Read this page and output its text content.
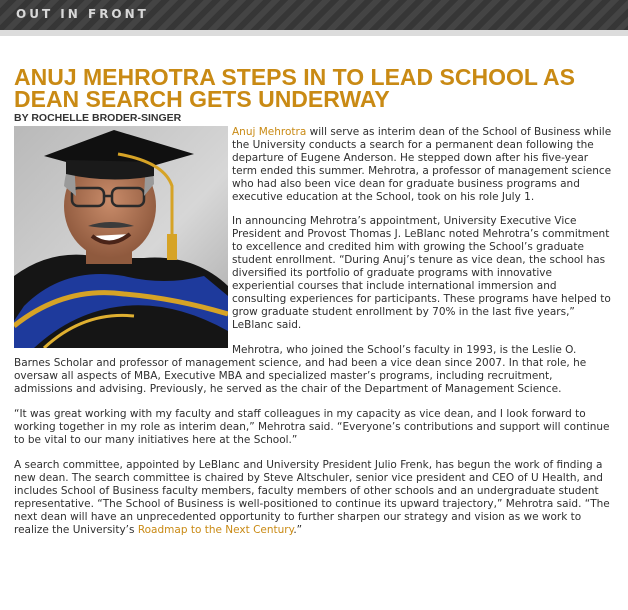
OUT IN FRONT
ANUJ MEHROTRA STEPS IN TO LEAD SCHOOL AS DEAN SEARCH GETS UNDERWAY
BY ROCHELLE BRODER-SINGER

Anuj Mehrotra will serve as interim dean of the School of Business while the University conducts a search for a permanent dean following the departure of Eugene Anderson. He stepped down after his five-year term ended this summer. Mehrotra, a professor of management science who had also been vice dean for graduate business programs and executive education at the School, took on his role July 1.

In announcing Mehrotra’s appointment, University Executive Vice President and Provost Thomas J. LeBlanc noted Mehrotra’s commitment to excellence and credited him with growing the School’s graduate student enrollment. “During Anuj’s tenure as vice dean, the school has diversified its portfolio of graduate programs with innovative experiential courses that include international immersion and consulting experiences for participants. These programs have helped to grow graduate student enrollment by 70% in the last five years,” LeBlanc said.

Mehrotra, who joined the School’s faculty in 1993, is the Leslie O. Barnes Scholar and professor of management science, and had been a vice dean since 2007. In that role, he oversaw all aspects of MBA, Executive MBA and specialized master’s programs, including recruitment, admissions and advising. Previously, he served as the chair of the Department of Management Science.

“It was great working with my faculty and staff colleagues in my capacity as vice dean, and I look forward to working together in my role as interim dean,” Mehrotra said. “Everyone’s contributions and support will continue to be vital to our many initiatives here at the School.”

A search committee, appointed by LeBlanc and University President Julio Frenk, has begun the work of finding a new dean. The search committee is chaired by Steve Altschuler, senior vice president and CEO of U Health, and includes School of Business faculty members, faculty members of other schools and an undergraduate student representative. “The School of Business is well-positioned to continue its upward trajectory,” Mehrotra said. “The next dean will have an unprecedented opportunity to further sharpen our strategy and vision as we work to realize the University’s Roadmap to the Next Century.”
